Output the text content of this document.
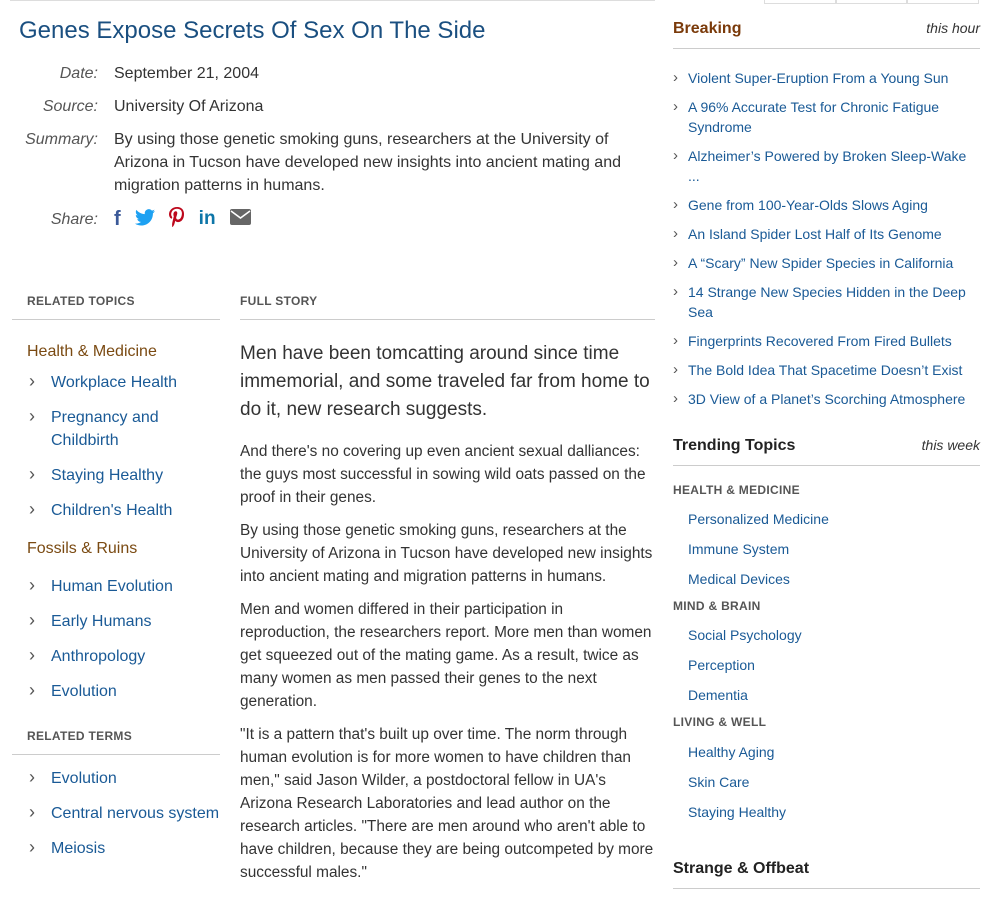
Genes Expose Secrets Of Sex On The Side
Date:	September 21, 2004
Source:	University Of Arizona
Summary:	By using those genetic smoking guns, researchers at the University of Arizona in Tucson have developed new insights into ancient mating and migration patterns in humans.
Share: f	in
RELATED TOPICS
Health & Medicine
› Workplace Health
› Pregnancy and Childbirth
› Staying Healthy
› Children's Health
Fossils & Ruins
› Human Evolution
› Early Humans
› Anthropology
› Evolution
RELATED TERMS
› Evolution
› Central nervous system
› Meiosis
FULL STORY

Men have been tomcatting around since time immemorial, and some traveled far from home to do it, new research suggests.

And there's no covering up even ancient sexual dalliances: the guys most successful in sowing wild oats passed on the proof in their genes.

By using those genetic smoking guns, researchers at the University of Arizona in Tucson have developed new insights into ancient mating and migration patterns in humans.

Men and women differed in their participation in reproduction, the researchers report. More men than women get squeezed out of the mating game. As a result, twice as many women as men passed their genes to the next generation.

"It is a pattern that's built up over time. The norm through human evolution is for more women to have children than men," said Jason Wilder, a postdoctoral fellow in UA's Arizona Research Laboratories and lead author on the research articles. "There are men around who aren't able to have children, because they are being outcompeted by more successful males."

Breaking	this hour
› Violent Super-Eruption From a Young Sun
› A 96% Accurate Test for Chronic Fatigue Syndrome
› Alzheimer’s Powered by Broken Sleep-Wake ...
› Gene from 100-Year-Olds Slows Aging
› An Island Spider Lost Half of Its Genome
› A “Scary” New Spider Species in California
› 14 Strange New Species Hidden in the Deep Sea
› Fingerprints Recovered From Fired Bullets
› The Bold Idea That Spacetime Doesn’t Exist
› 3D View of a Planet’s Scorching Atmosphere
Trending Topics	this week
HEALTH & MEDICINE
Personalized Medicine
Immune System
Medical Devices
MIND & BRAIN
Social Psychology
Perception
Dementia
LIVING & WELL
Healthy Aging
Skin Care
Staying Healthy
Strange & Offbeat
